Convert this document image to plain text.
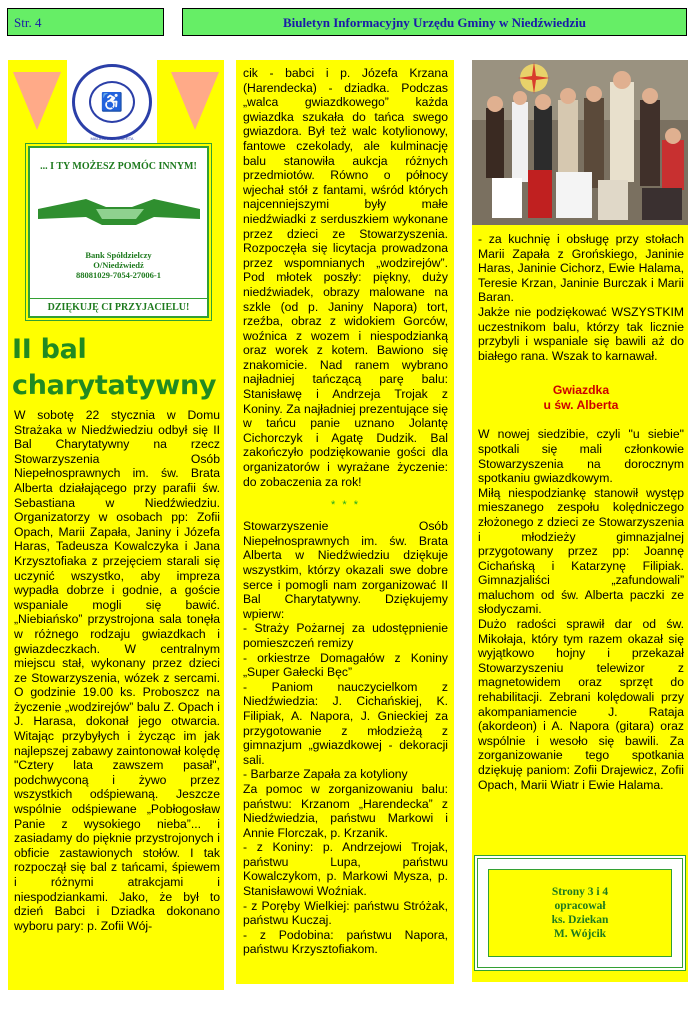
Str. 4	Biuletyn Informacyjny Urzędu Gminy w Niedźwiedziu
♿
MAŁA BRATA ALBERTA
... I TY MOŻESZ POMÓC INNYM!
Bank Spółdzielczy
O/Niedźwiedź
88081029-7054-27006-1
DZIĘKUJĘ CI PRZYJACIELU!
II bal charytatywny
W sobotę 22 stycznia w Domu Strażaka w Niedźwiedziu odbył się II Bal Charytatywny na rzecz Stowarzyszenia Osób Niepełnosprawnych im. św. Brata Alberta działającego przy parafii św. Sebastiana w Niedźwiedziu. Organizatorzy w osobach pp: Zofii Opach, Marii Zapała, Janiny i Józefa Haras, Tadeusza Kowalczyka i Jana Krzysztofiaka z przejęciem starali się uczynić wszystko, aby impreza wypadła dobrze i godnie, a goście wspaniale mogli się bawić. „Niebiańsko” przystrojona sala tonęła w różnego rodzaju gwiazdkach i gwiazdeczkach. W centralnym miejscu stał, wykonany przez dzieci ze Stowarzyszenia, wózek z sercami. O godzinie 19.00 ks. Proboszcz na życzenie „wodzirejów” balu Z. Opach i J. Harasa, dokonał jego otwarcia. Witając przybyłych i życząc im jak najlepszej zabawy zaintonował kolędę "Cztery lata zawszem pasał", podchwyconą i żywo przez wszystkich odśpiewaną. Jeszcze wspólnie odśpiewane „Pobłogosław Panie z wysokiego nieba”... i zasiadamy do pięknie przystrojonych i obficie zastawionych stołów. I tak rozpoczął się bal z tańcami, śpiewem i różnymi atrakcjami i niespodziankami. Jako, że był to dzień Babci i Dziadka dokonano wyboru pary: p. Zofii Wój-
cik - babci i p. Józefa Krzana (Harendecka) - dziadka. Podczas „walca gwiazdkowego” każda gwiazdka szukała do tańca swego gwiazdora. Był też walc kotylionowy, fantowe czekolady, ale kulminację balu stanowiła aukcja różnych przedmiotów. Równo o północy wjechał stół z fantami, wśród których najcenniejszymi były małe niedźwiadki z serduszkiem wykonane przez dzieci ze Stowarzyszenia. Rozpoczęła się licytacja prowadzona przez wspomnianych „wodzirejów”. Pod młotek poszły: piękny, duży niedźwiadek, obrazy malowane na szkle (od p. Janiny Napora) tort, rzeźba, obraz z widokiem Gorców, woźnica z wozem i niespodzianką oraz worek z kotem. Bawiono się znakomicie. Nad ranem wybrano najładniej tańczącą parę balu: Stanisławę i Andrzeja Trojak z Koniny. Za najładniej prezentujące się w tańcu panie uznano Jolantę Cichorczyk i Agatę Dudzik. Bal zakończyło podziękowanie gości dla organizatorów i wyrażane życzenie: do zobaczenia za rok!
* * *
Stowarzyszenie Osób Niepełnosprawnych im. św. Brata Alberta w Niedźwiedziu dziękuje wszystkim, którzy okazali swe dobre serce i pomogli nam zorganizować II Bal Charytatywny. Dziękujemy wpierw:
- Straży Pożarnej za udostępnienie pomieszczeń remizy
- orkiestrze Domagałów z Koniny „Super Gałecki Bęc”
- Paniom nauczycielkom z Niedźwiedzia: J. Cichańskiej, K. Filipiak, A. Napora, J. Gnieckiej za przygotowanie z młodzieżą z gimnazjum „gwiazdkowej - dekoracji sali.
- Barbarze Zapała za kotyliony
Za pomoc w zorganizowaniu balu: państwu: Krzanom „Harendecka” z Niedźwiedzia, państwu Markowi i Annie Florczak, p. Krzanik.
- z Koniny: p. Andrzejowi Trojak, państwu Lupa, państwu Kowalczykom, p. Markowi Mysza, p. Stanisławowi Woźniak.
- z Poręby Wielkiej: państwu Stróżak, państwu Kuczaj.
- z Podobina: państwu Napora, państwu Krzysztofiakom.
- za kuchnię i obsługę przy stołach Marii Zapała z Grońskiego, Janinie Haras, Janinie Cichorz, Ewie Halama, Teresie Krzan, Janinie Burczak i Marii Baran.
Jakże nie podziękować WSZYSTKIM uczestnikom balu, którzy tak licznie przybyli i wspaniale się bawili aż do białego rana. Wszak to karnawał.
Gwiazdka
u św. Alberta
W nowej siedzibie, czyli "u siebie" spotkali się mali członkowie Stowarzyszenia na dorocznym spotkaniu gwiazdkowym.
Miłą niespodziankę stanowił występ mieszanego zespołu kolędniczego złożonego z dzieci ze Stowarzyszenia i młodzieży gimnazjalnej przygotowany przez pp: Joannę Cichańską i Katarzynę Filipiak. Gimnazjaliści „zafundowali” maluchom od św. Alberta paczki ze słodyczami.
Dużo radości sprawił dar od św. Mikołaja, który tym razem okazał się wyjątkowo hojny i przekazał Stowarzyszeniu telewizor z magnetowidem oraz sprzęt do rehabilitacji. Zebrani kolędowali przy akompaniamencie J. Rataja (akordeon) i A. Napora (gitara) oraz wspólnie i wesoło się bawili. Za zorganizowanie tego spotkania dziękuję paniom: Zofii Drajewicz, Zofii Opach, Marii Wiatr i Ewie Halama.
Strony 3 i 4
opracował
ks. Dziekan
M. Wójcik
